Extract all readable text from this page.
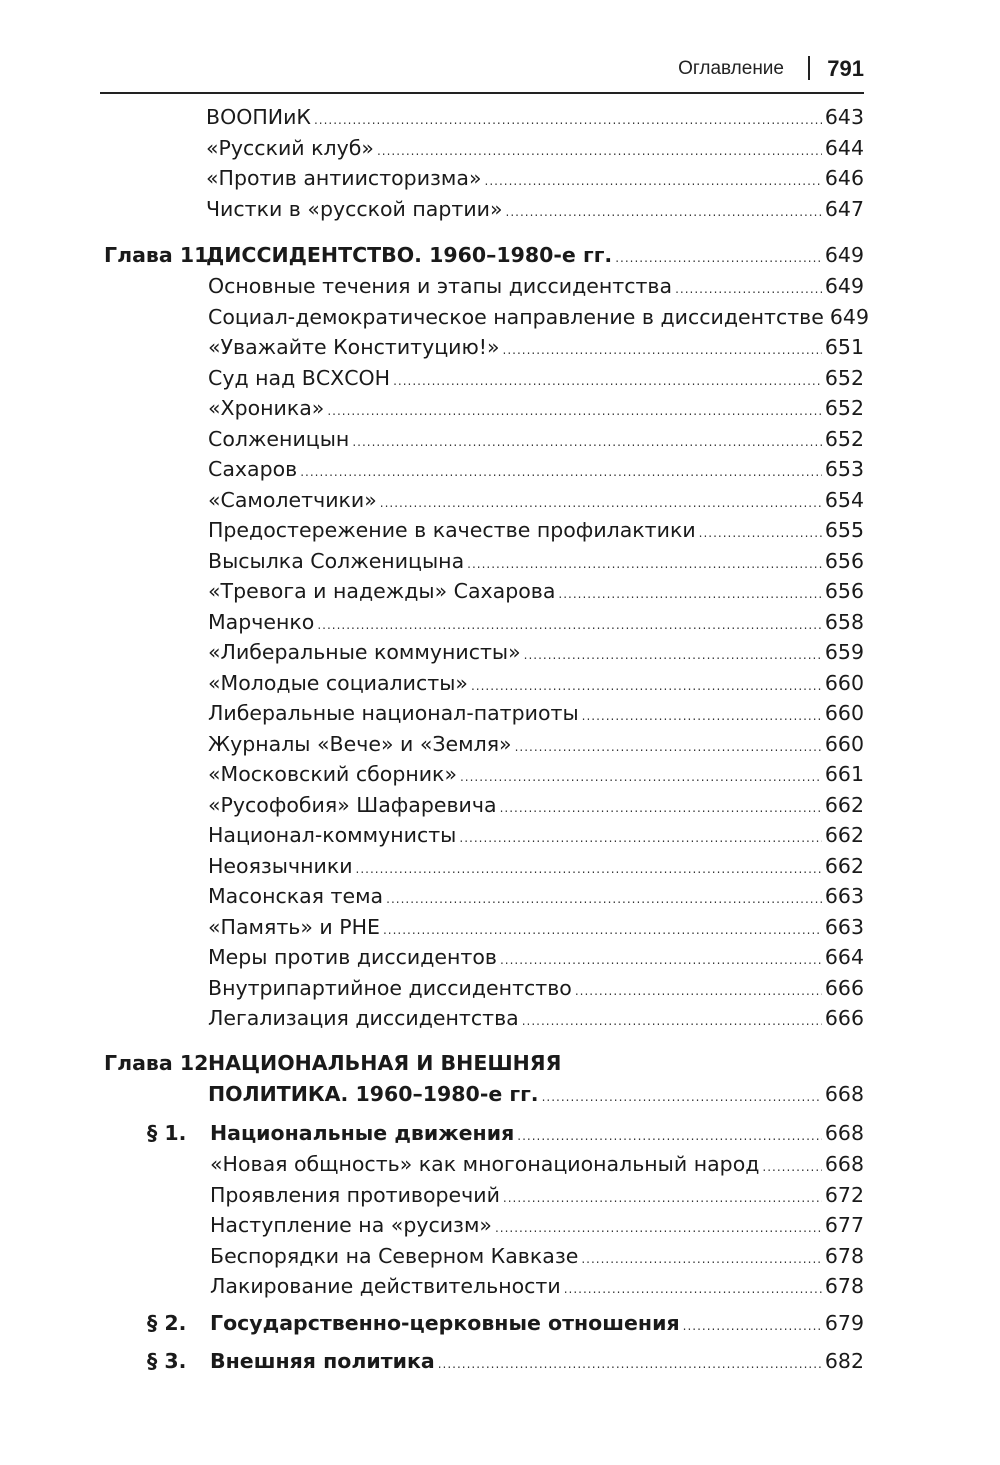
Оглавление 791
ВООПИиК .....	643
«Русский клуб» .....	644
«Против антиисторизма» .....	646
Чистки в «русской партии» .....	647
Глава 11.
ДИССИДЕНТСТВО. 1960–1980-е гг. .....	649
Основные течения и этапы диссидентства .....	649
Социал-демократическое направление в диссидентстве 649
«Уважайте Конституцию!» .....	651
Суд над ВСХСОН .....	652
«Хроника» .....	652
Солженицын .....	652
Сахаров .....	653
«Самолетчики» .....	654
Предостережение в качестве профилактики .....	655
Высылка Солженицына .....	656
«Тревога и надежды» Сахарова .....	656
Марченко .....	658
«Либеральные коммунисты» .....	659
«Молодые социалисты» .....	660
Либеральные национал-патриоты .....	660
Журналы «Вече» и «Земля» .....	660
«Московский сборник» .....	661
«Русофобия» Шафаревича .....	662
Национал-коммунисты .....	662
Неоязычники .....	662
Масонская тема .....	663
«Память» и РНЕ .....	663
Меры против диссидентов .....	664
Внутрипартийное диссидентство .....	666
Легализация диссидентства .....	666
Глава 12.
НАЦИОНАЛЬНАЯ И ВНЕШНЯЯ
ПОЛИТИКА. 1960–1980-е гг. .....	668
§ 1. Национальные движения .....	668
«Новая общность» как многонациональный народ .....	668
Проявления противоречий .....	672
Наступление на «русизм» .....	677
Беспорядки на Северном Кавказе .....	678
Лакирование действительности .....	678
§ 2. Государственно-церковные отношения .....	679
§ 3. Внешняя политика .....	682
